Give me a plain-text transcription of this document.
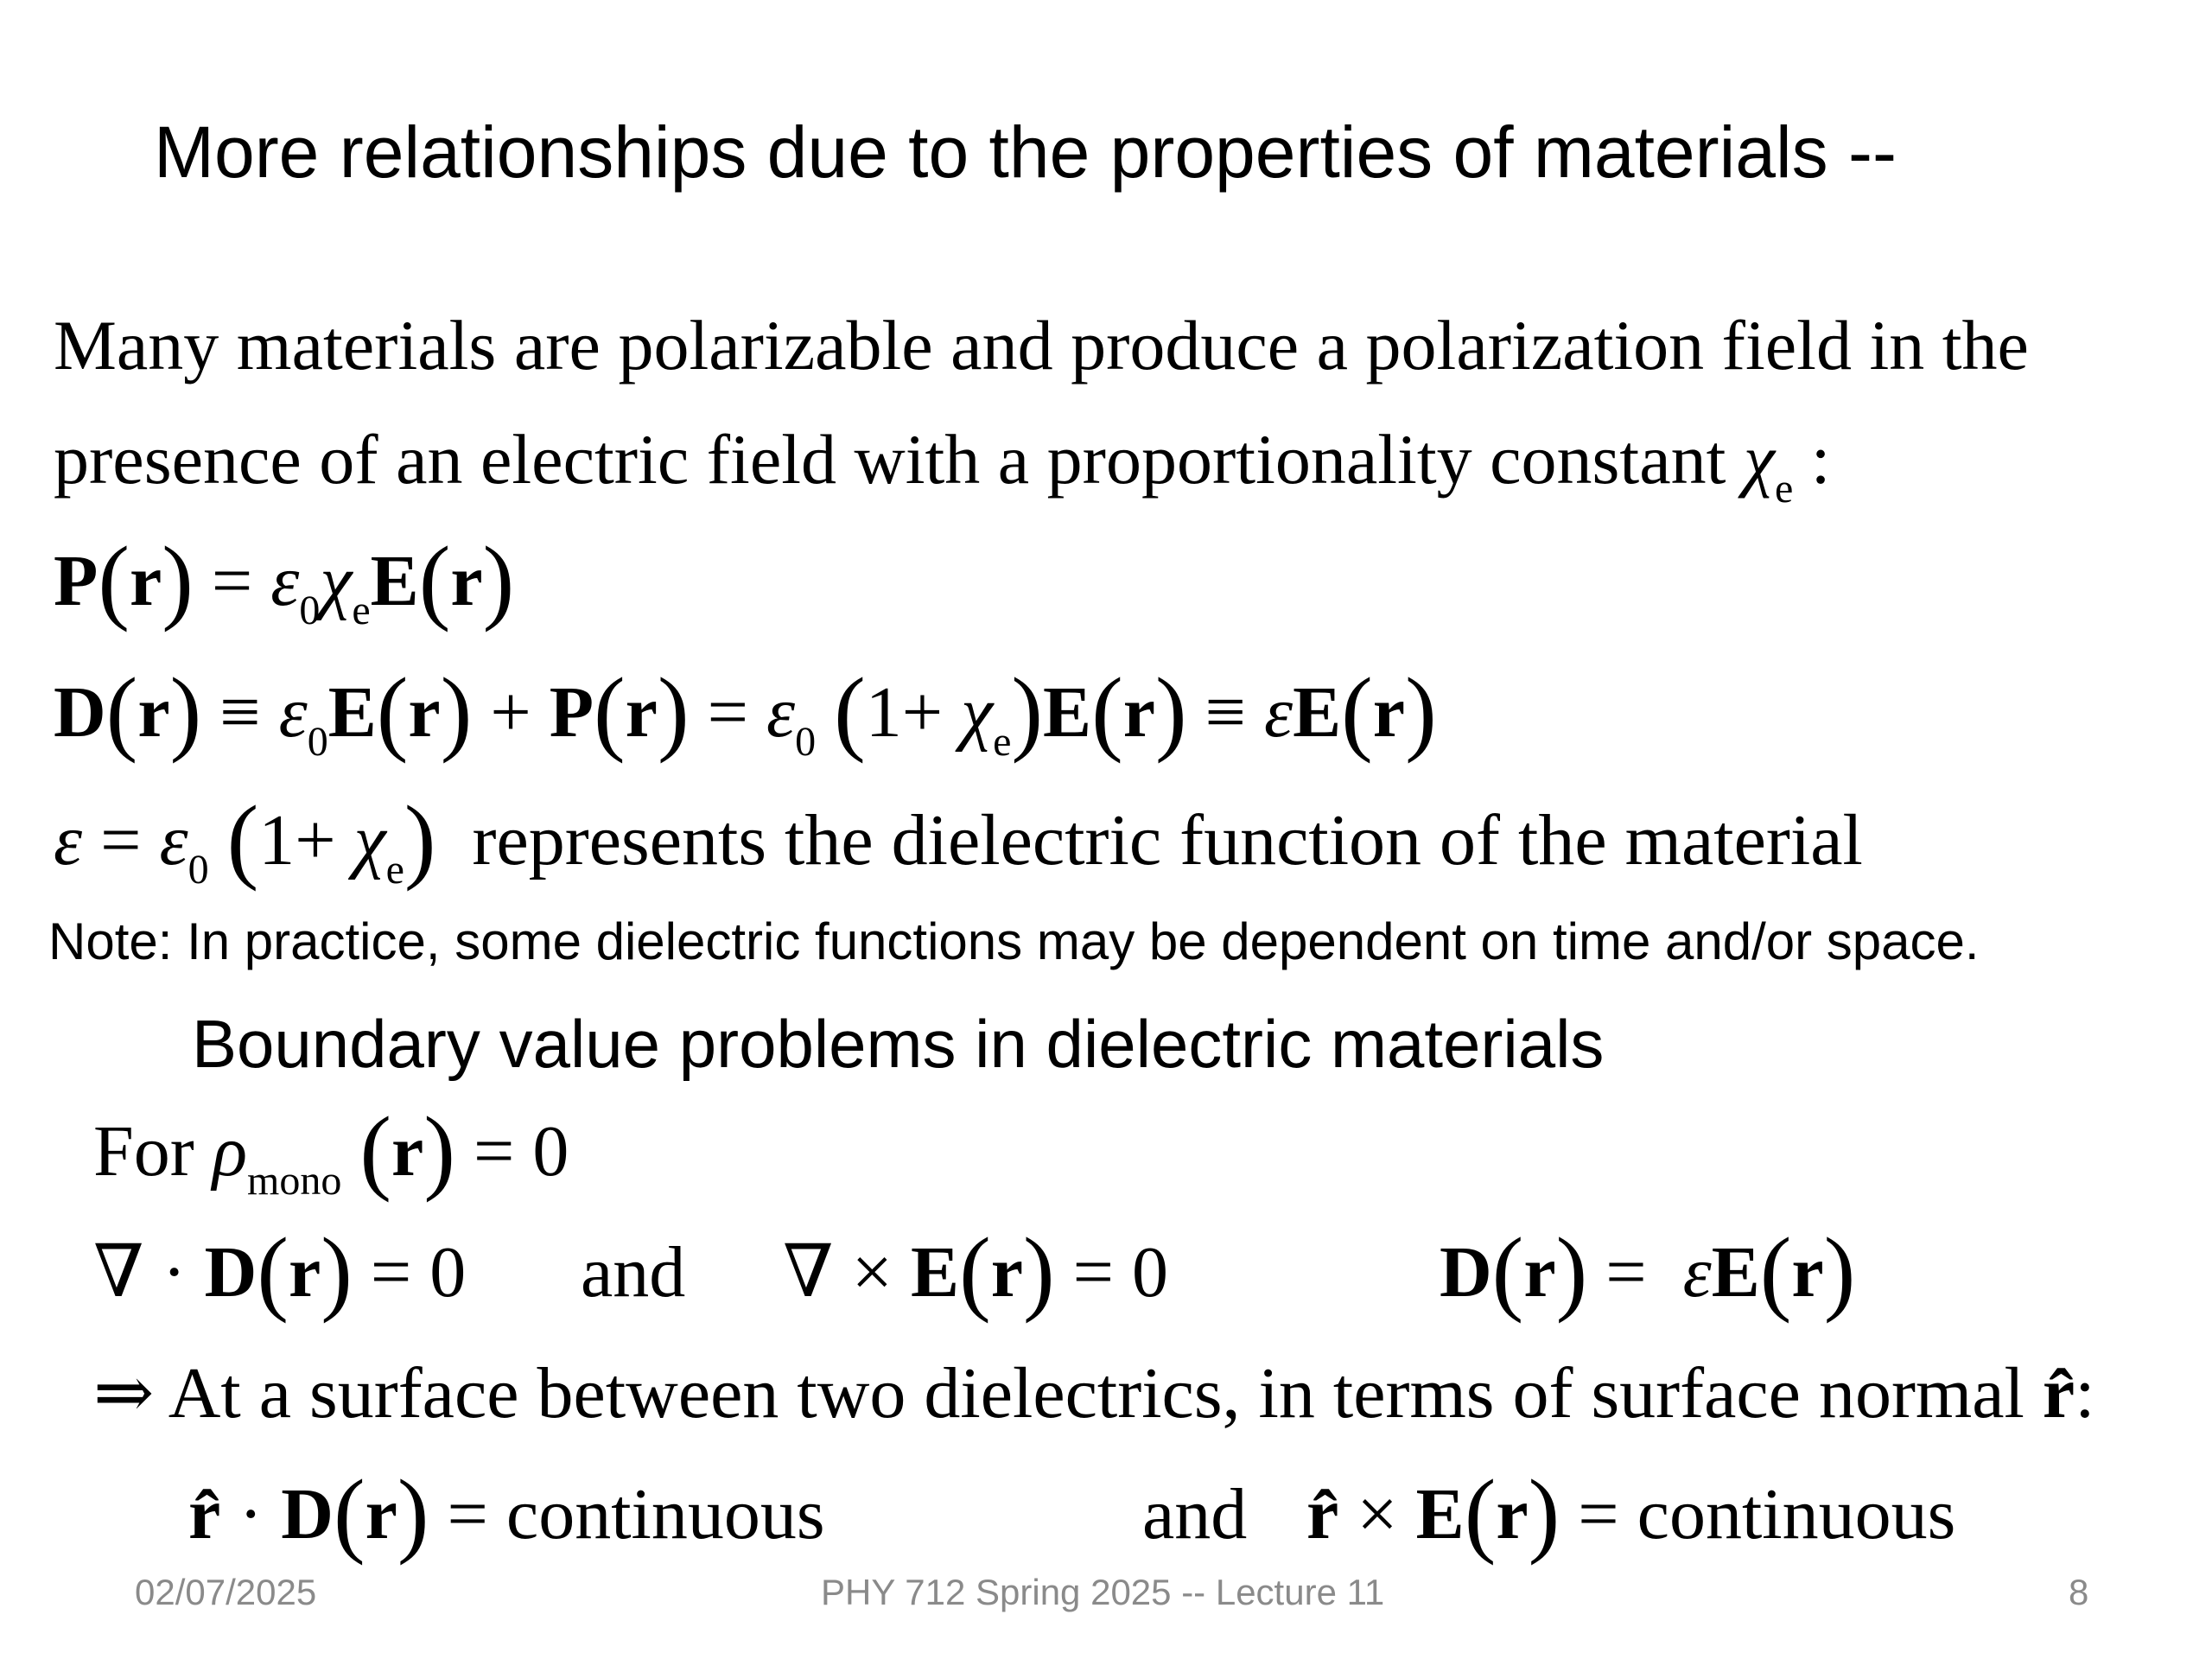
More relationships due to the properties of materials --
Many materials are polarizable and produce a polarization field in the
presence of an electric field with a proportionality constant $\chi_e$ :
$P(r) = \varepsilon_0\chi_eE(r)$
$D(r) \equiv \varepsilon_0E(r) + P(r) = \varepsilon_0$ $(1+ \chi_e)E(r) \equiv \varepsilon E(r)$
$\varepsilon = \varepsilon_0$ $(1+ \chi_e)$ represents the dielectric function of the material
Note: In practice, some dielectric functions may be dependent on time and/or space.
Boundary value problems in dielectric materials
For $\rho_{mono}$ (r) = 0
∇ · D(r) = 0 and ∇ × E(r) = 0	D(r) = εE(r)
⇒ At a surface between two dielectrics, in terms of surface normal r̂:
r̂ · D(r) = continuous	and r̂ × E(r) = continuous
02/07/2025	PHY 712 Spring 2025 -- Lecture 11	8
